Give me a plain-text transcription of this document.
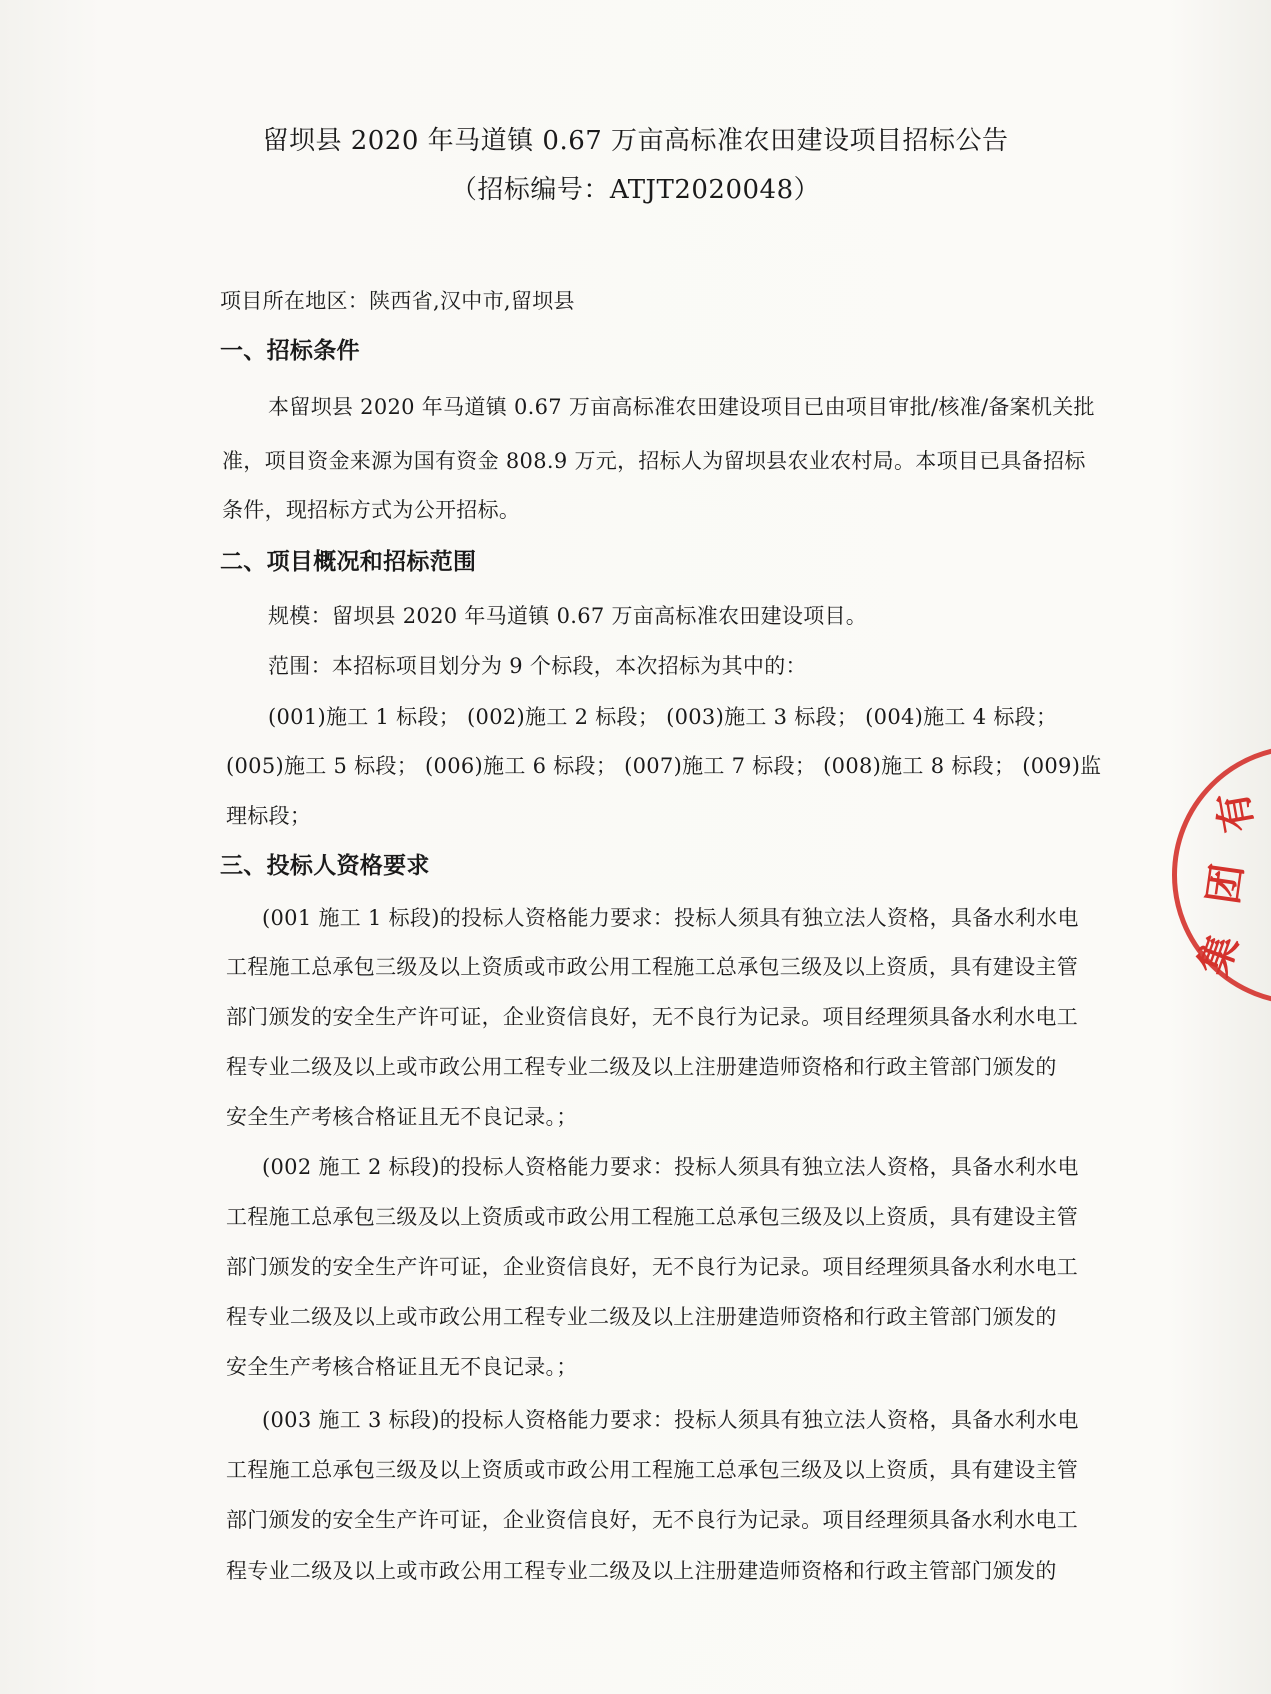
留坝县 2020 年马道镇 0.67 万亩高标准农田建设项目招标公告
（招标编号：ATJT2020048）
项目所在地区：陕西省,汉中市,留坝县
一、招标条件
本留坝县 2020 年马道镇 0.67 万亩高标准农田建设项目已由项目审批/核准/备案机关批
准，项目资金来源为国有资金 808.9 万元，招标人为留坝县农业农村局。本项目已具备招标
条件，现招标方式为公开招标。
二、项目概况和招标范围
规模：留坝县 2020 年马道镇 0.67 万亩高标准农田建设项目。
范围：本招标项目划分为 9 个标段，本次招标为其中的：
(001)施工 1 标段； (002)施工 2 标段； (003)施工 3 标段； (004)施工 4 标段；
(005)施工 5 标段； (006)施工 6 标段； (007)施工 7 标段； (008)施工 8 标段； (009)监
理标段；
三、投标人资格要求
(001 施工 1 标段)的投标人资格能力要求：投标人须具有独立法人资格，具备水利水电
工程施工总承包三级及以上资质或市政公用工程施工总承包三级及以上资质，具有建设主管
部门颁发的安全生产许可证，企业资信良好，无不良行为记录。项目经理须具备水利水电工
程专业二级及以上或市政公用工程专业二级及以上注册建造师资格和行政主管部门颁发的
安全生产考核合格证且无不良记录。；
(002 施工 2 标段)的投标人资格能力要求：投标人须具有独立法人资格，具备水利水电
工程施工总承包三级及以上资质或市政公用工程施工总承包三级及以上资质，具有建设主管
部门颁发的安全生产许可证，企业资信良好，无不良行为记录。项目经理须具备水利水电工
程专业二级及以上或市政公用工程专业二级及以上注册建造师资格和行政主管部门颁发的
安全生产考核合格证且无不良记录。；
(003 施工 3 标段)的投标人资格能力要求：投标人须具有独立法人资格，具备水利水电
工程施工总承包三级及以上资质或市政公用工程施工总承包三级及以上资质，具有建设主管
部门颁发的安全生产许可证，企业资信良好，无不良行为记录。项目经理须具备水利水电工
程专业二级及以上或市政公用工程专业二级及以上注册建造师资格和行政主管部门颁发的
集
团
有
